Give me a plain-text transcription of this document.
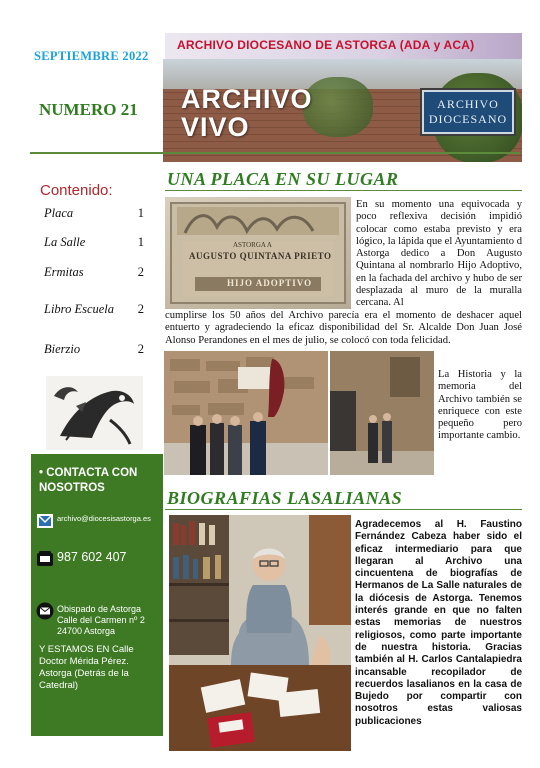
SEPTIEMBRE 2022
ARCHIVO DIOCESANO DE ASTORGA (ADA y ACA)
NUMERO 21 ARCHIVO
VIVO
ARCHIVO
DIOCESANO
Contenido:
Placa	1
La Salle	1
Ermitas	2
Libro Escuela 2
Bierzio	2
• CONTACTA CON NOSOTROS
archivo@diocesisastorga.es
987 602 407
Obispado de Astorga Calle del Carmen nº 2 24700 Astorga
Y ESTAMOS EN Calle Doctor Mérida Pérez. Astorga (Detrás de la Catedral)
UNA PLACA EN SU LUGAR
ASTORGA A
AUGUSTO QUINTANA PRIETO
HIJO ADOPTIVO
En su momento una equivocada y poco reflexiva decisión impidió colocar como estaba previsto y era lógico, la lápida que el Ayuntamiento d Astorga dedico a Don Augusto Quintana al nombrarlo Hijo Adoptivo, en la fachada del archivo y hubo de ser desplazada al muro de la muralla cercana. Al
cumplirse los 50 años del Archivo parecía era el momento de deshacer aquel entuerto y agradeciendo la eficaz disponibilidad del Sr. Alcalde Don Juan José Alonso Perandones en el mes de julio, se colocó con toda felicidad.
La Historia y la memoria del Archivo también se enriquece con este pequeño pero importante cambio.
BIOGRAFIAS LASALIANAS
Agradecemos al H. Faustino Fernández Cabeza haber sido el eficaz intermediario para que llegaran al Archivo una cincuentena de biografías de Hermanos de La Salle naturales de la diócesis de Astorga. Tenemos interés grande en que no falten estas memorias de nuestros religiosos, como parte importante de nuestra historia. Gracias también al H. Carlos Cantalapiedra incansable recopilador de recuerdos lasalianos en la casa de Bujedo por compartir con nosotros estas valiosas publicaciones
